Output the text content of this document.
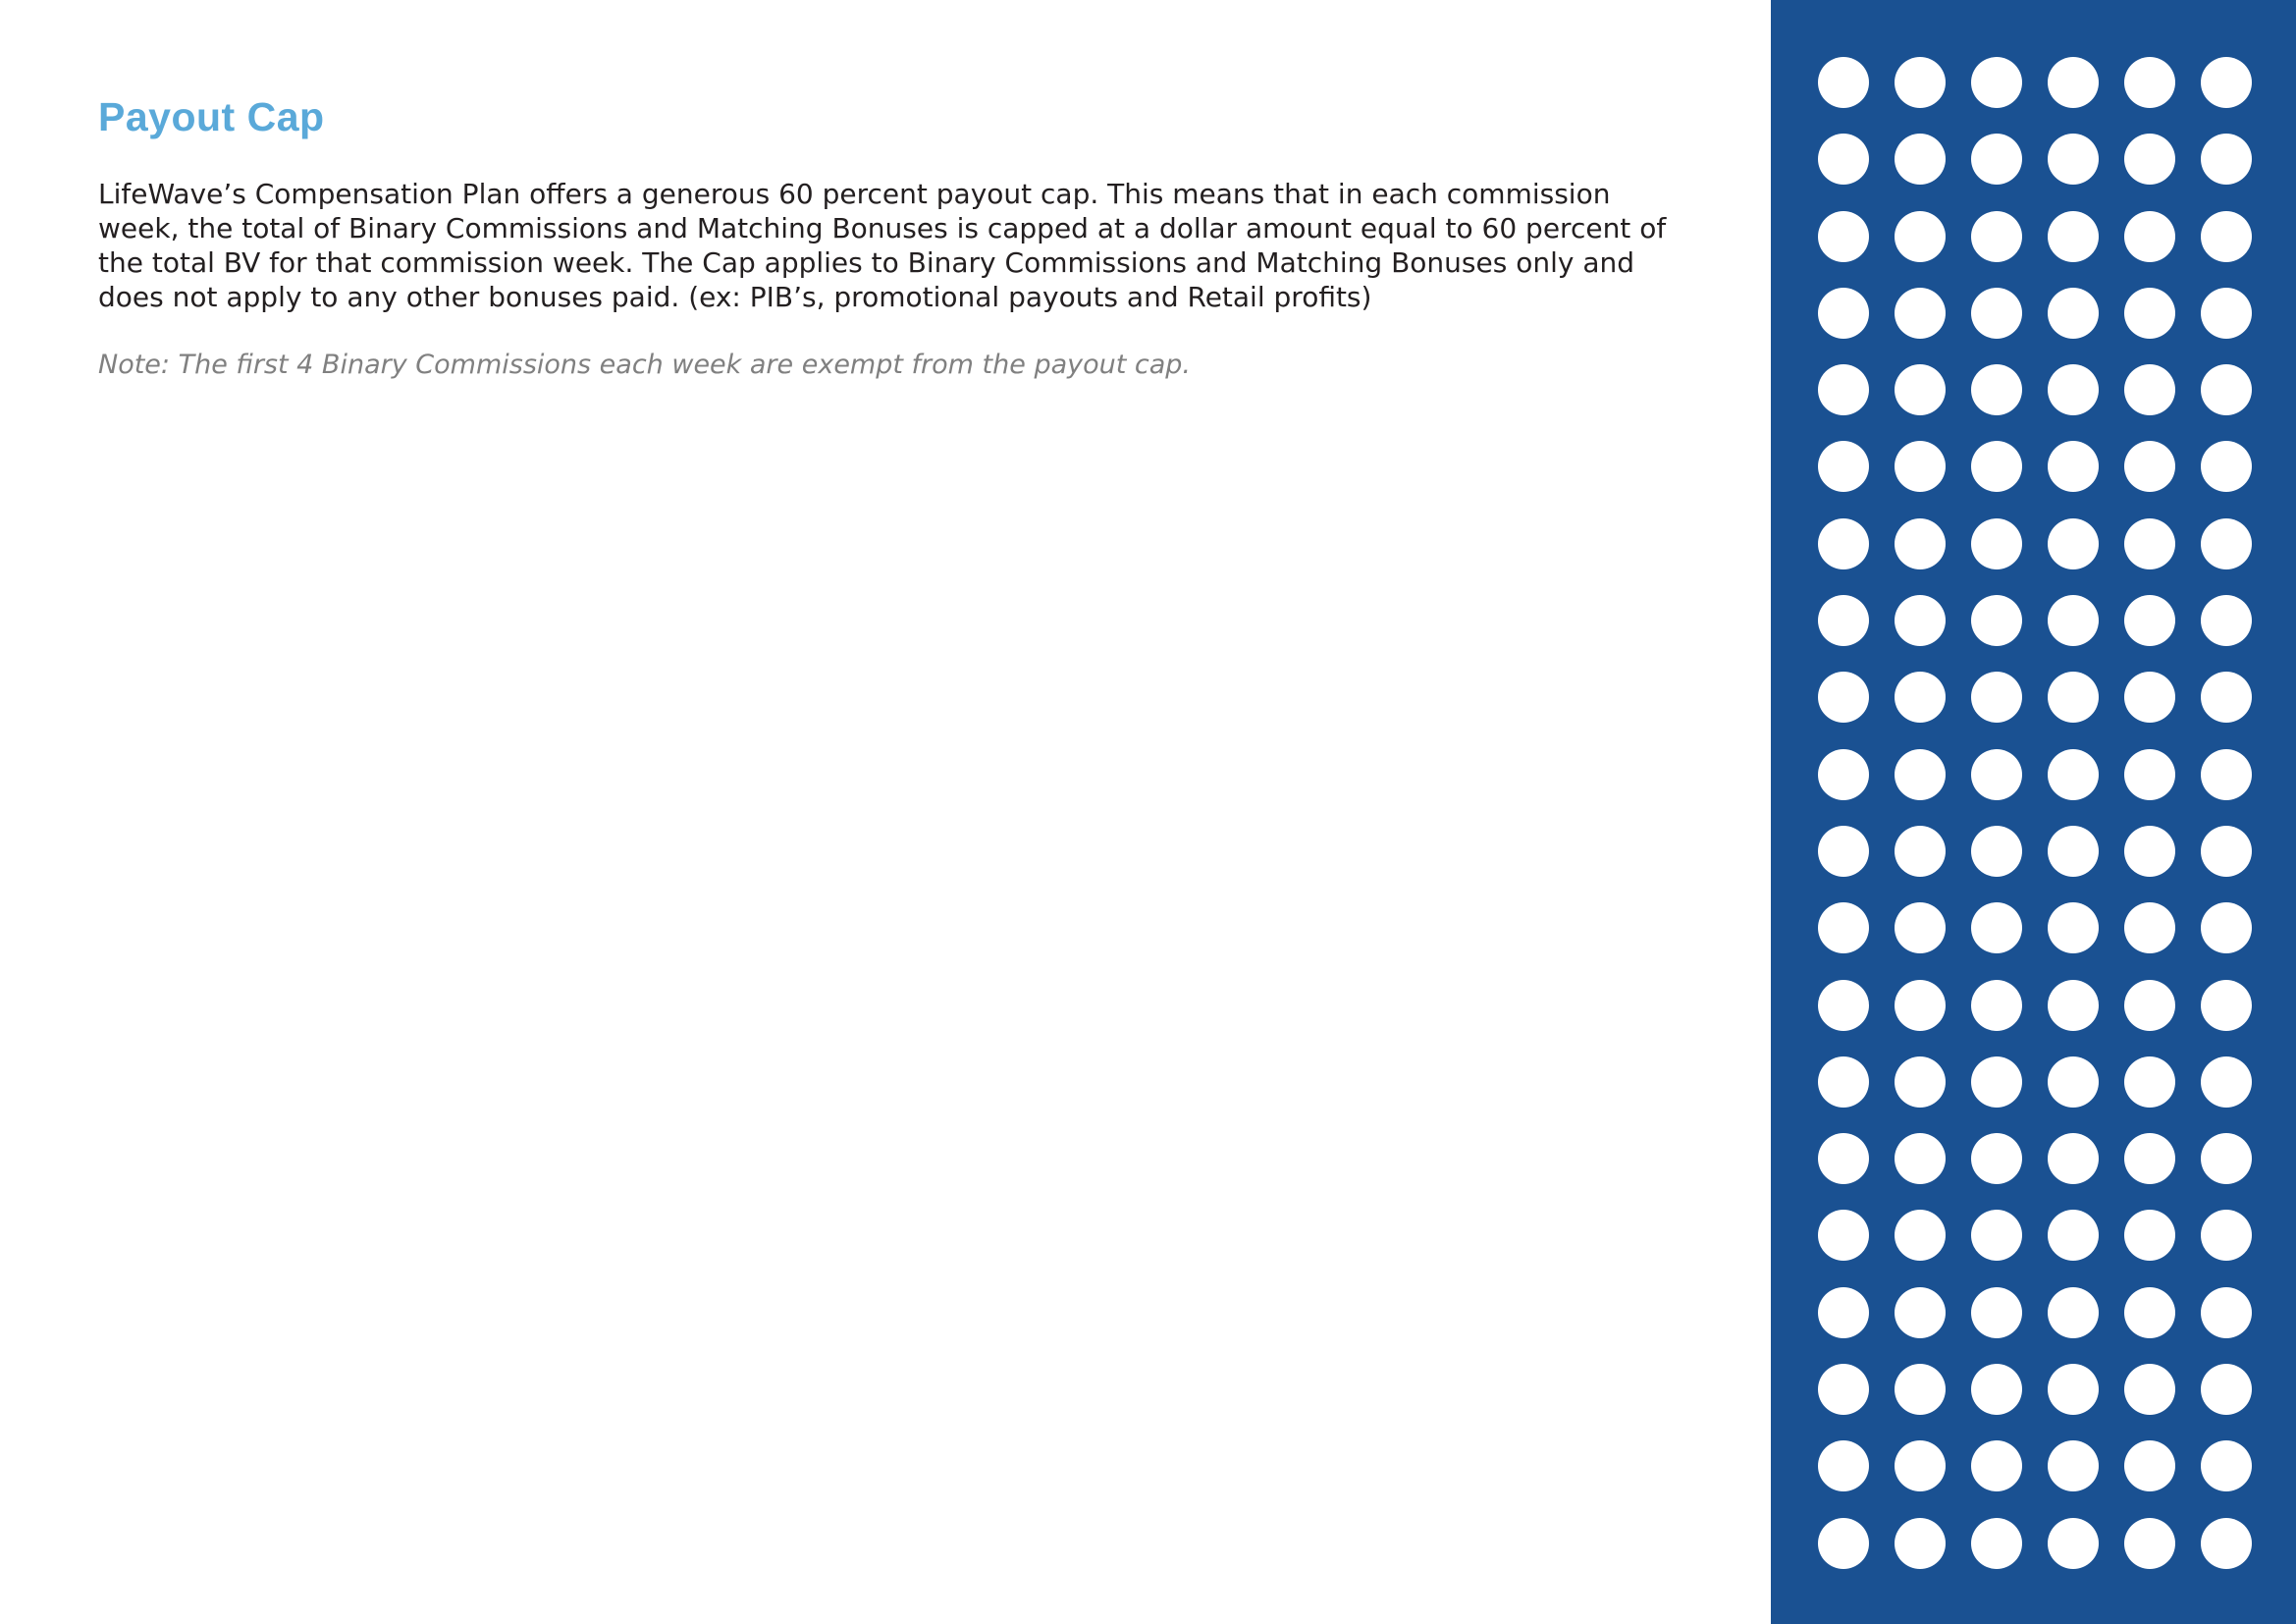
Payout Cap

LifeWave’s Compensation Plan offers a generous 60 percent payout cap. This means that in each commission week, the total of Binary Commissions and Matching Bonuses is capped at a dollar amount equal to 60 percent of the total BV for that commission week. The Cap applies to Binary Commissions and Matching Bonuses only and does not apply to any other bonuses paid. (ex: PIB’s, promotional payouts and Retail profits)

Note: The first 4 Binary Commissions each week are exempt from the payout cap.
